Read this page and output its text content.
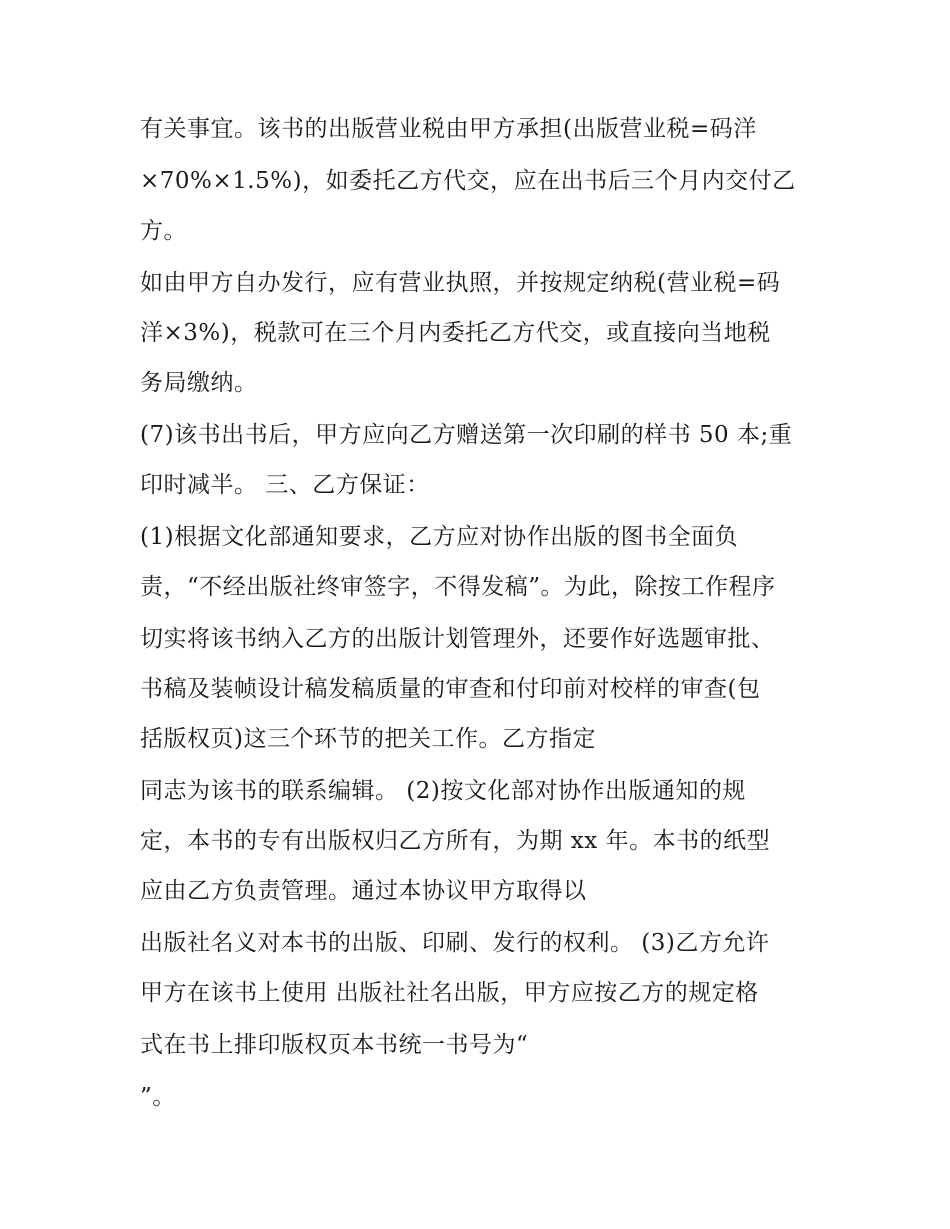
有关事宜。该书的出版营业税由甲方承担(出版营业税=码洋
×70%×1.5%)，如委托乙方代交，应在出书后三个月内交付乙
方。
如由甲方自办发行，应有营业执照，并按规定纳税(营业税=码
洋×3%)，税款可在三个月内委托乙方代交，或直接向当地税
务局缴纳。
(7)该书出书后，甲方应向乙方赠送第一次印刷的样书 50 本;重
印时减半。 三、乙方保证：
(1)根据文化部通知要求，乙方应对协作出版的图书全面负
责，“不经出版社终审签字，不得发稿”。为此，除按工作程序
切实将该书纳入乙方的出版计划管理外，还要作好选题审批、
书稿及装帧设计稿发稿质量的审查和付印前对校样的审查(包
括版权页)这三个环节的把关工作。乙方指定
同志为该书的联系编辑。 (2)按文化部对协作出版通知的规
定，本书的专有出版权归乙方所有，为期 xx 年。本书的纸型
应由乙方负责管理。通过本协议甲方取得以
出版社名义对本书的出版、印刷、发行的权利。 (3)乙方允许
甲方在该书上使用 出版社社名出版，甲方应按乙方的规定格
式在书上排印版权页本书统一书号为“
”。
